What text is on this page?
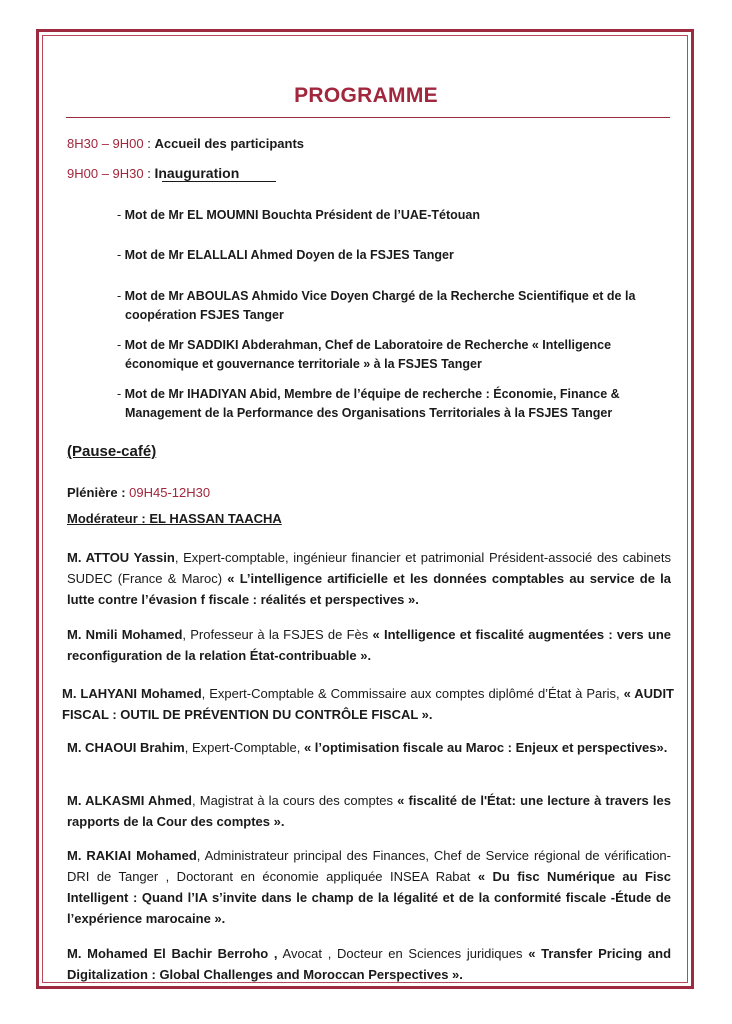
PROGRAMME
8H30 – 9H00 : Accueil des participants
9H00 – 9H30 : Inauguration
- Mot de Mr EL MOUMNI Bouchta Président de l’UAE-Tétouan
- Mot de Mr ELALLALI Ahmed Doyen de la FSJES Tanger
- Mot de Mr ABOULAS Ahmido Vice Doyen Chargé de la Recherche Scientifique et de la coopération FSJES Tanger
- Mot de Mr SADDIKI Abderahman, Chef de Laboratoire de Recherche « Intelligence économique et gouvernance territoriale » à la FSJES Tanger
- Mot de Mr IHADIYAN Abid, Membre de l’équipe de recherche : Économie, Finance & Management de la Performance des Organisations Territoriales à la FSJES Tanger
(Pause-café)
Plénière : 09H45-12H30
Modérateur : EL HASSAN TAACHA
M. ATTOU Yassin, Expert-comptable, ingénieur financier et patrimonial Président-associé des cabinets SUDEC (France & Maroc) « L’intelligence artificielle et les données comptables au service de la lutte contre l’évasion f fiscale : réalités et perspectives ».
M. Nmili Mohamed, Professeur à la FSJES de Fès « Intelligence et fiscalité augmentées : vers une reconfiguration de la relation État-contribuable ».
M. LAHYANI Mohamed, Expert-Comptable & Commissaire aux comptes diplômé d’État à Paris, « AUDIT FISCAL : OUTIL DE PRÉVENTION DU CONTRÔLE FISCAL ».
M. CHAOUI Brahim, Expert-Comptable, « l’optimisation fiscale au Maroc : Enjeux et perspectives».
M. ALKASMI Ahmed, Magistrat à la cours des comptes « fiscalité de l'État: une lecture à travers les rapports de la Cour des comptes ».
M. RAKIAI Mohamed, Administrateur principal des Finances, Chef de Service régional de vérification-DRI de Tanger , Doctorant en économie appliquée INSEA Rabat « Du fisc Numérique au Fisc Intelligent : Quand l’IA s’invite dans le champ de la légalité et de la conformité fiscale -Étude de l’expérience marocaine ».
M. Mohamed El Bachir Berroho , Avocat , Docteur en Sciences juridiques « Transfer Pricing and Digitalization : Global Challenges and Moroccan Perspectives ».
